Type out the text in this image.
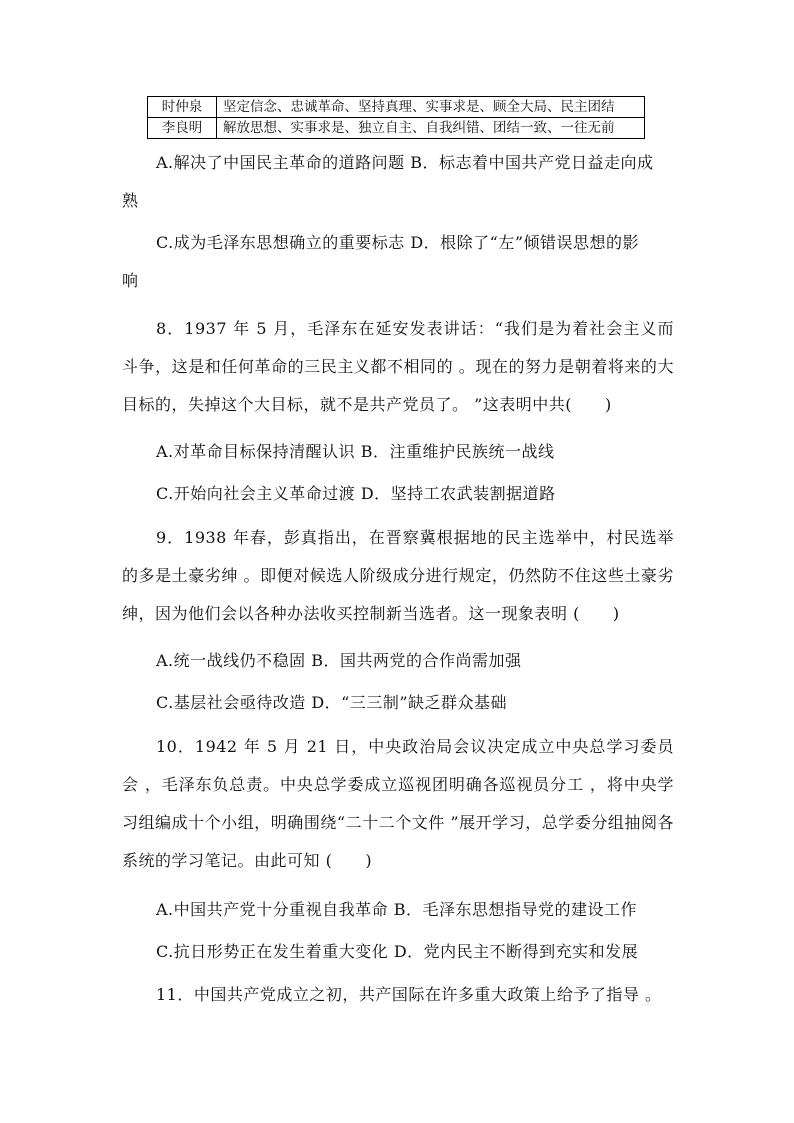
时仲泉	坚定信念、忠诚革命、坚持真理、实事求是、顾全大局、民主团结
李良明	解放思想、实事求是、独立自主、自我纠错、团结一致、一往无前
A.解决了中国民主革命的道路问题 B．标志着中国共产党日益走向成
熟
C.成为毛泽东思想确立的重要标志 D．根除了“左”倾错误思想的影
响
8．1937 年 5 月，毛泽东在延安发表讲话：“我们是为着社会主义而斗争，这是和任何革命的三民主义都不相同的 。现在的努力是朝着将来的大目标的，失掉这个大目标，就不是共产党员了。 ”这表明中共(　　)
A.对革命目标保持清醒认识 B．注重维护民族统一战线
C.开始向社会主义革命过渡 D．坚持工农武装割据道路
9．1938 年春，彭真指出，在晋察冀根据地的民主选举中，村民选举的多是土豪劣绅 。即便对候选人阶级成分进行规定，仍然防不住这些土豪劣绅，因为他们会以各种办法收买控制新当选者。这一现象表明 (　　)
A.统一战线仍不稳固 B．国共两党的合作尚需加强
C.基层社会亟待改造 D．“三三制”缺乏群众基础
10．1942 年 5 月 21 日，中央政治局会议决定成立中央总学习委员会 ，毛泽东负总责。中央总学委成立巡视团明确各巡视员分工 ，将中央学习组编成十个小组，明确围绕“二十二个文件 ”展开学习，总学委分组抽阅各系统的学习笔记。由此可知 (　　)
A.中国共产党十分重视自我革命 B．毛泽东思想指导党的建设工作
C.抗日形势正在发生着重大变化 D．党内民主不断得到充实和发展
11．中国共产党成立之初，共产国际在许多重大政策上给予了指导 。
